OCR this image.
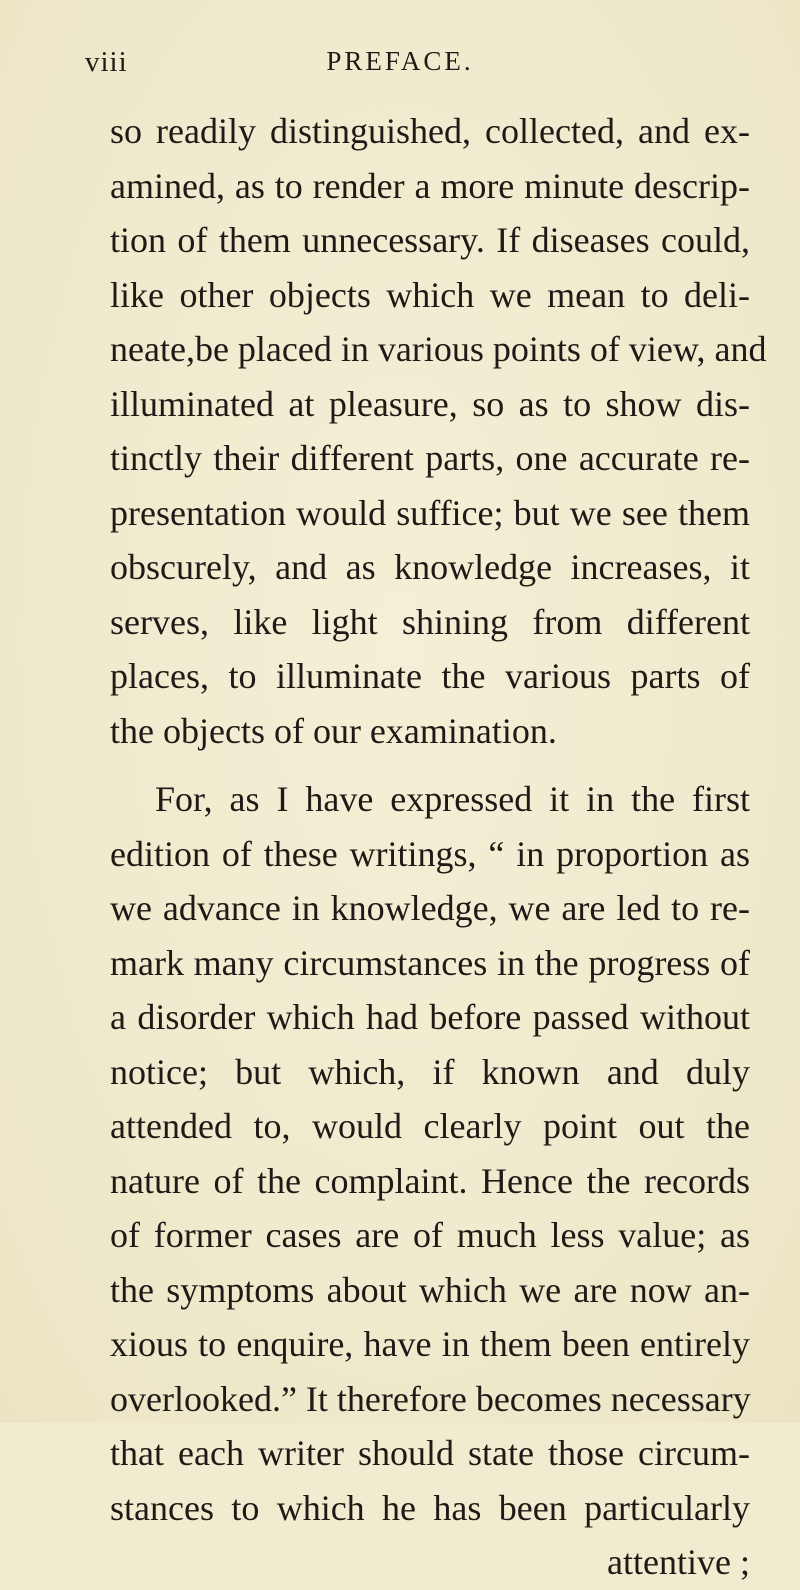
viii	PREFACE.
so readily distinguished, collected, and ex-
amined, as to render a more minute descrip-
tion of them unnecessary. If diseases could,
like other objects which we mean to deli-
neate,be placed in various points of view, and
illuminated at pleasure, so as to show dis-
tinctly their different parts, one accurate re-
presentation would suffice; but we see them
obscurely, and as knowledge increases, it
serves, like light shining from different
places, to illuminate the various parts of
the objects of our examination.
For, as I have expressed it in the first
edition of these writings, “ in proportion as
we advance in knowledge, we are led to re-
mark many circumstances in the progress of
a disorder which had before passed without
notice; but which, if known and duly
attended to, would clearly point out the
nature of the complaint. Hence the records
of former cases are of much less value; as
the symptoms about which we are now an-
xious to enquire, have in them been entirely
overlooked.” It therefore becomes necessary
that each writer should state those circum-
stances to which he has been particularly
attentive ;
